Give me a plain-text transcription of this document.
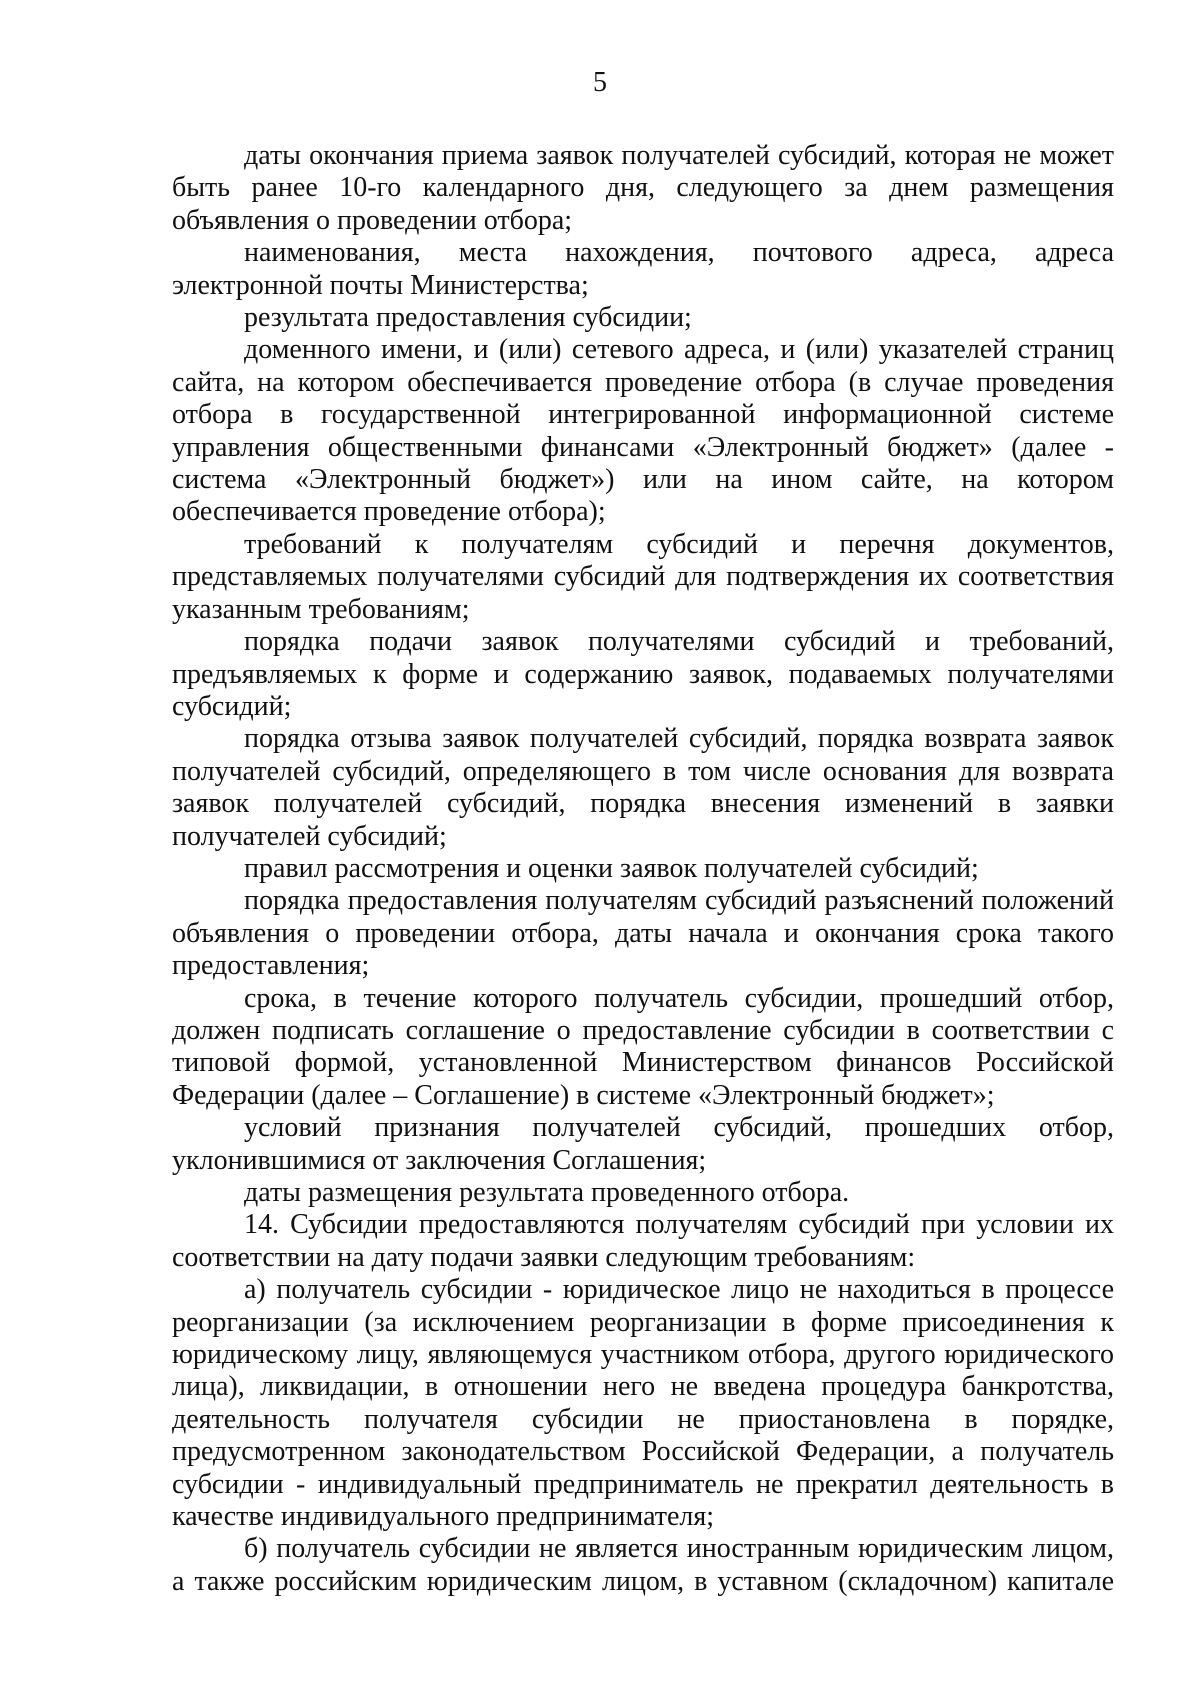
5

даты окончания приема заявок получателей субсидий, которая не может быть ранее 10-го календарного дня, следующего за днем размещения объявления о проведении отбора;

наименования, места нахождения, почтового адреса, адреса электронной почты Министерства;

результата предоставления субсидии;

доменного имени, и (или) сетевого адреса, и (или) указателей страниц сайта, на котором обеспечивается проведение отбора (в случае проведения отбора в государственной интегрированной информационной системе управления общественными финансами «Электронный бюджет» (далее - система «Электронный бюджет») или на ином сайте, на котором обеспечивается проведение отбора);

требований к получателям субсидий и перечня документов, представляемых получателями субсидий для подтверждения их соответствия указанным требованиям;

порядка подачи заявок получателями субсидий и требований, предъявляемых к форме и содержанию заявок, подаваемых получателями субсидий;

порядка отзыва заявок получателей субсидий, порядка возврата заявок получателей субсидий, определяющего в том числе основания для возврата заявок получателей субсидий, порядка внесения изменений в заявки получателей субсидий;

правил рассмотрения и оценки заявок получателей субсидий;

порядка предоставления получателям субсидий разъяснений положений объявления о проведении отбора, даты начала и окончания срока такого предоставления;

срока, в течение которого получатель субсидии, прошедший отбор, должен подписать соглашение о предоставление субсидии в соответствии с типовой формой, установленной Министерством финансов Российской Федерации (далее – Соглашение) в системе «Электронный бюджет»;

условий признания получателей субсидий, прошедших отбор, уклонившимися от заключения Соглашения;

даты размещения результата проведенного отбора.

14. Субсидии предоставляются получателям субсидий при условии их соответствии на дату подачи заявки следующим требованиям:

а) получатель субсидии - юридическое лицо не находиться в процессе реорганизации (за исключением реорганизации в форме присоединения к юридическому лицу, являющемуся участником отбора, другого юридического лица), ликвидации, в отношении него не введена процедура банкротства, деятельность получателя субсидии не приостановлена в порядке, предусмотренном законодательством Российской Федерации, а получатель субсидии - индивидуальный предприниматель не прекратил деятельность в качестве индивидуального предпринимателя;

б) получатель субсидии не является иностранным юридическим лицом, а также российским юридическим лицом, в уставном (складочном) капитале
